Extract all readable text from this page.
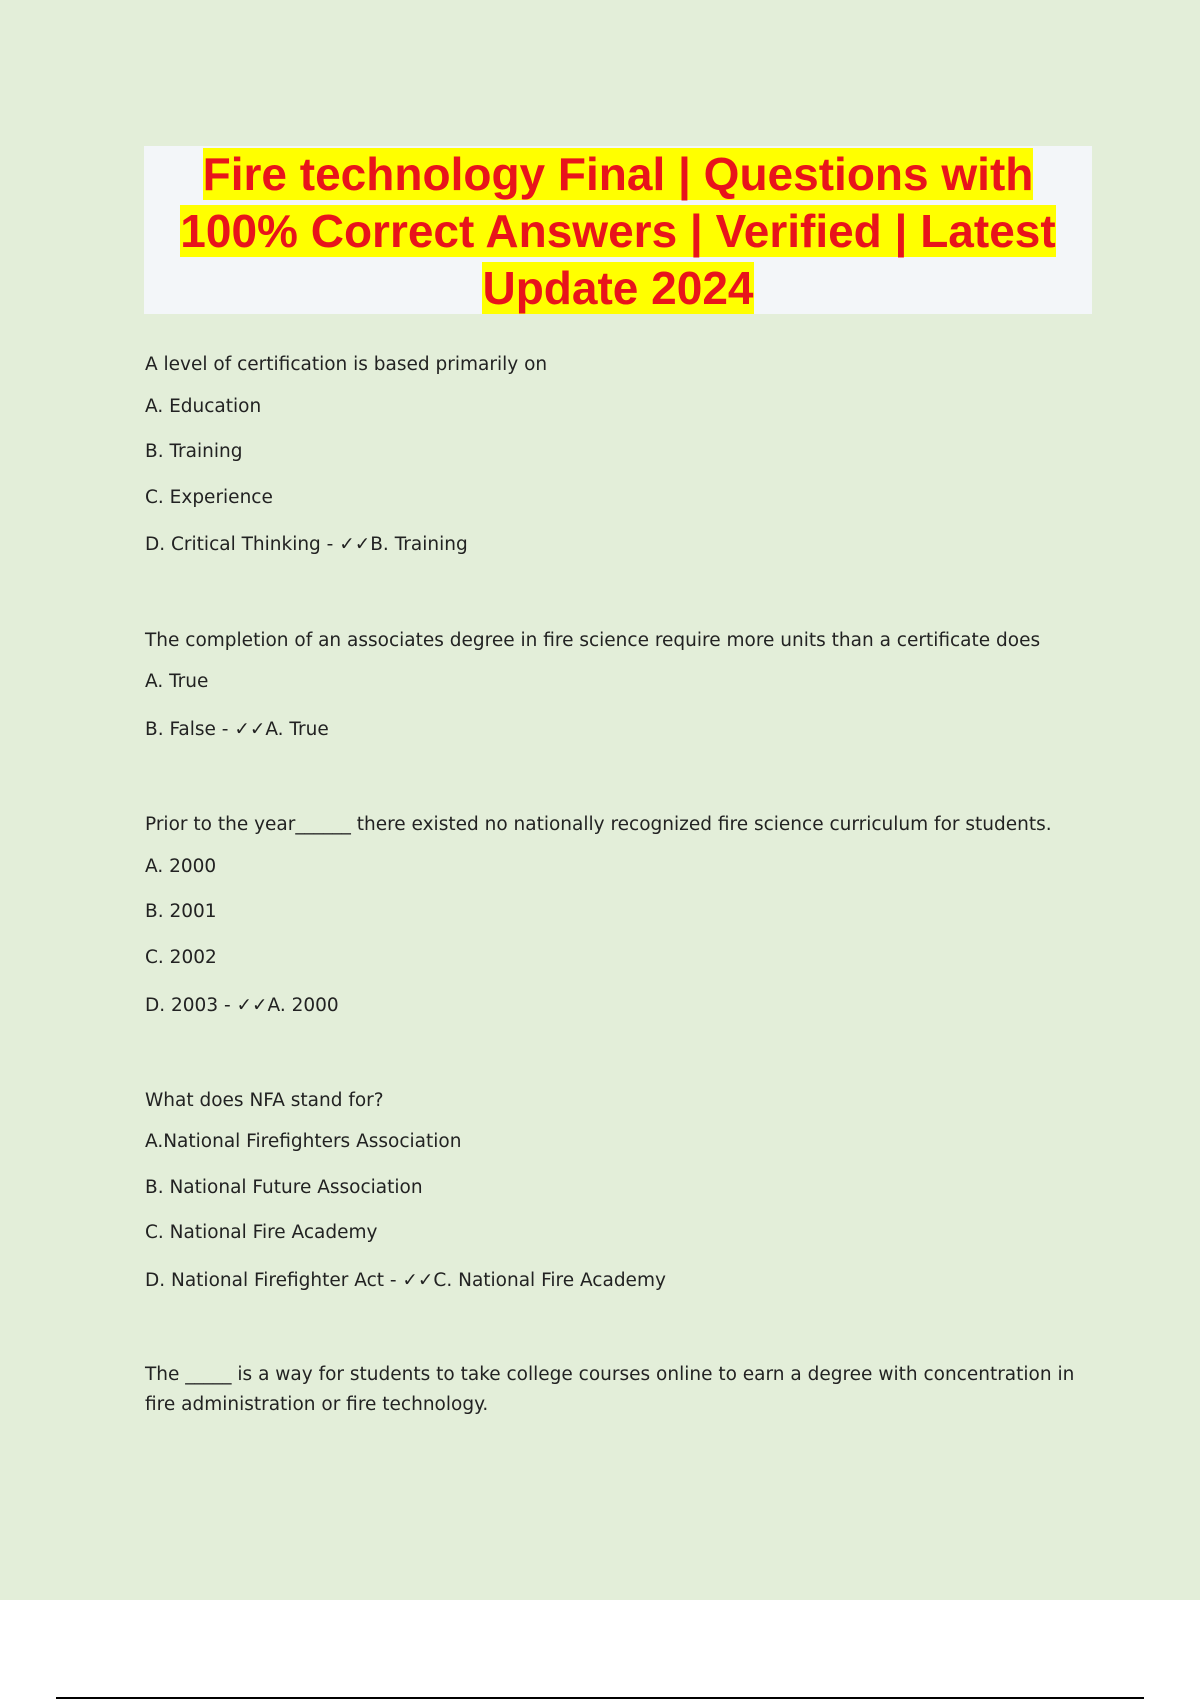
Fire technology Final | Questions with
100% Correct Answers | Verified | Latest
Update 2024

A level of certification is based primarily on

A. Education

B. Training

C. Experience

D. Critical Thinking - ✓✓B. Training

The completion of an associates degree in fire science require more units than a certificate does

A. True

B. False - ✓✓A. True

Prior to the year______ there existed no nationally recognized fire science curriculum for students.

A. 2000

B. 2001

C. 2002

D. 2003 - ✓✓A. 2000

What does NFA stand for?

A.National Firefighters Association

B. National Future Association

C. National Fire Academy

D. National Firefighter Act - ✓✓C. National Fire Academy

The _____ is a way for students to take college courses online to earn a degree with concentration in fire administration or fire technology.
